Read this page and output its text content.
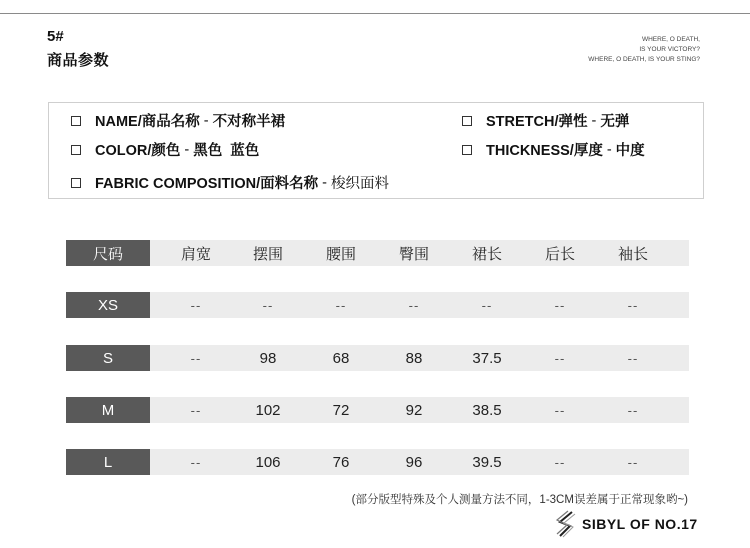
5#
商品参数
WHERE, O DEATH,
IS YOUR VICTORY?
WHERE, O DEATH, IS YOUR STING?
NAME/商品名称 - 不对称半裙	STRETCH/弹性 - 无弹
COLOR/颜色 - 黑色  蓝色	THICKNESS/厚度 - 中度
FABRIC COMPOSITION/面料名称 - 梭织面料
尺码	肩宽	摆围	腰围	臀围	裙长	后长	袖长
XS	--	--	--	--	--	--	--
S	--	98	68	88	37.5	--	--
M	--	102	72	92	38.5	--	--
L	--	106	76	96	39.5	--	--
(部分版型特殊及个人测量方法不同，1-3CM误差属于正常现象哟~)
SIBYL OF NO.17
